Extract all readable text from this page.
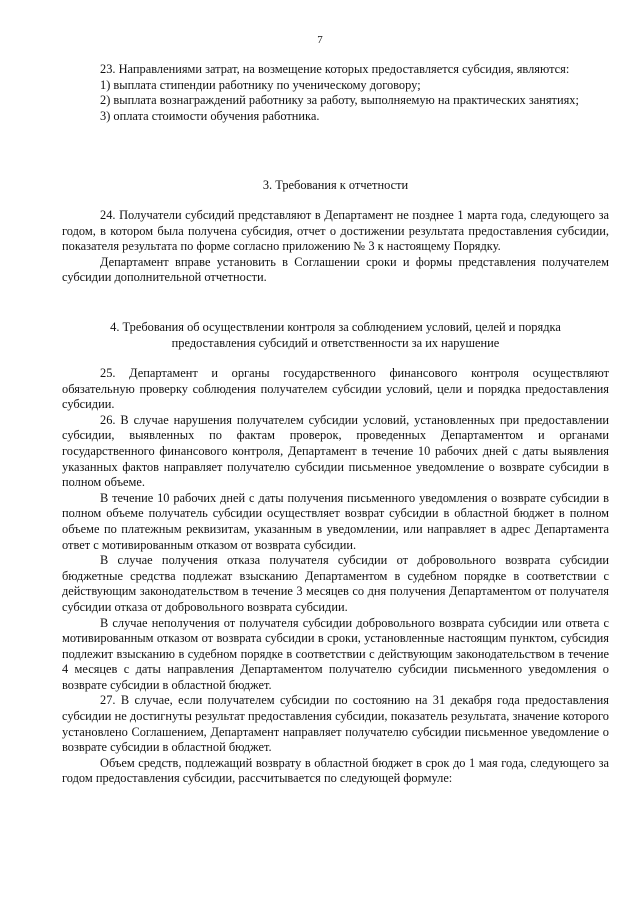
7

23. Направлениями затрат, на возмещение которых предоставляется субсидия, являются:

1) выплата стипендии работнику по ученическому договору;

2) выплата вознаграждений работнику за работу, выполняемую на практических занятиях;

3) оплата стоимости обучения работника.

3. Требования к отчетности

24. Получатели субсидий представляют в Департамент не позднее 1 марта года, следующего за годом, в котором была получена субсидия, отчет о достижении результата предоставления субсидии, показателя результата по форме согласно приложению № 3 к настоящему Порядку.

Департамент вправе установить в Соглашении сроки и формы представления получателем субсидии дополнительной отчетности.

4. Требования об осуществлении контроля за соблюдением условий, целей и порядка

предоставления субсидий и ответственности за их нарушение

25. Департамент и органы государственного финансового контроля осуществляют обязательную проверку соблюдения получателем субсидии условий, цели и порядка предоставления субсидии.

26. В случае нарушения получателем субсидии условий, установленных при предоставлении субсидии, выявленных по фактам проверок, проведенных Департаментом и органами государственного финансового контроля, Департамент в течение 10 рабочих дней с даты выявления указанных фактов направляет получателю субсидии письменное уведомление о возврате субсидии в полном объеме.

В течение 10 рабочих дней с даты получения письменного уведомления о возврате субсидии в полном объеме получатель субсидии осуществляет возврат субсидии в областной бюджет в полном объеме по платежным реквизитам, указанным в уведомлении, или направляет в адрес Департамента ответ с мотивированным отказом от возврата субсидии.

В случае получения отказа получателя субсидии от добровольного возврата субсидии бюджетные средства подлежат взысканию Департаментом в судебном порядке в соответствии с действующим законодательством в течение 3 месяцев со дня получения Департаментом от получателя субсидии отказа от добровольного возврата субсидии.

В случае неполучения от получателя субсидии добровольного возврата субсидии или ответа с мотивированным отказом от возврата субсидии в сроки, установленные настоящим пунктом, субсидия подлежит взысканию в судебном порядке в соответствии с действующим законодательством в течение 4 месяцев с даты направления Департаментом получателю субсидии письменного уведомления о возврате субсидии в областной бюджет.

27. В случае, если получателем субсидии по состоянию на 31 декабря года предоставления субсидии не достигнуты результат предоставления субсидии, показатель результата, значение которого установлено Соглашением, Департамент направляет получателю субсидии письменное уведомление о возврате субсидии в областной бюджет.

Объем средств, подлежащий возврату в областной бюджет в срок до 1 мая года, следующего за годом предоставления субсидии, рассчитывается по следующей формуле:
